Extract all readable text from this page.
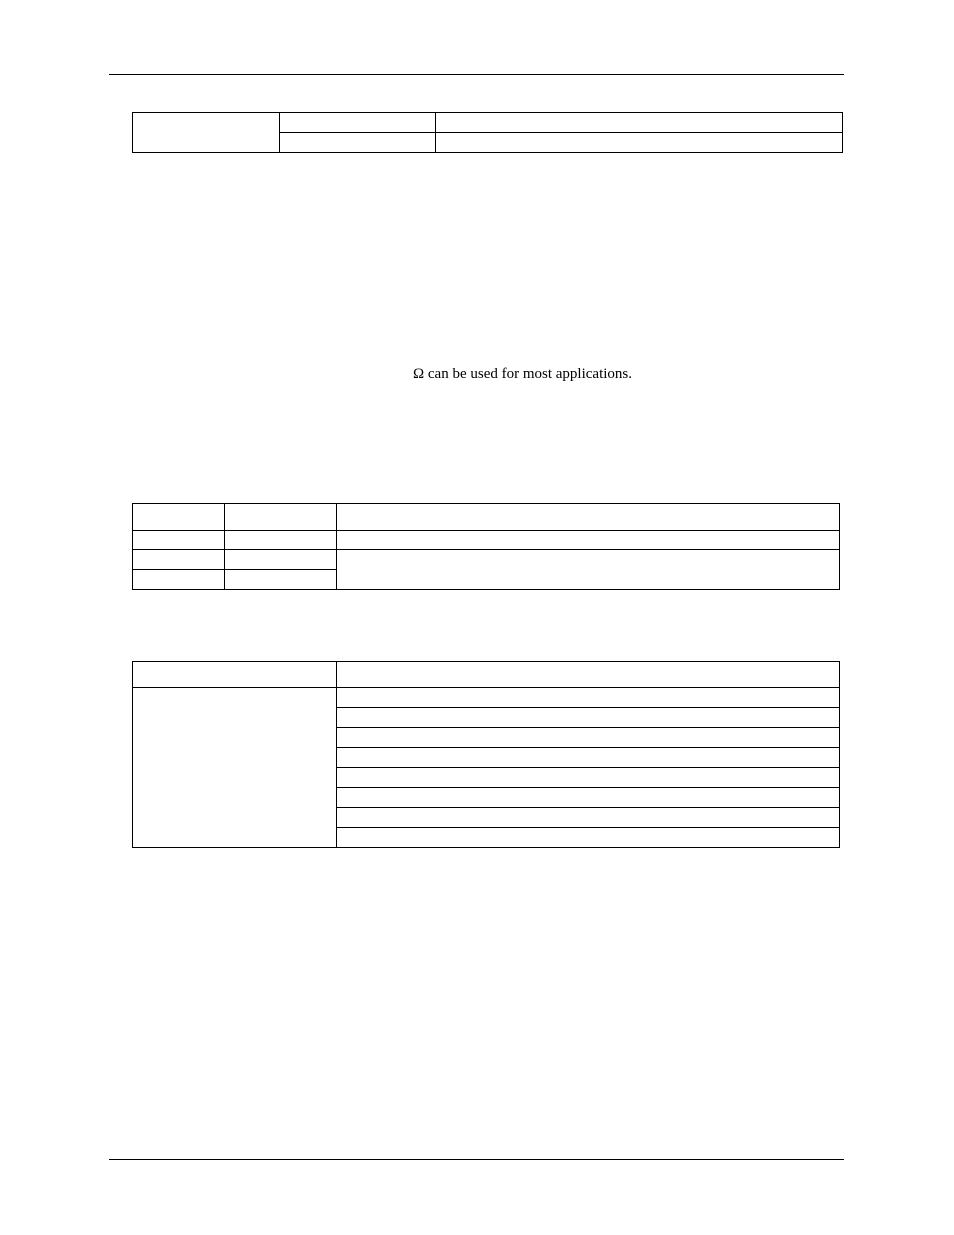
Ω can be used for most applications.
